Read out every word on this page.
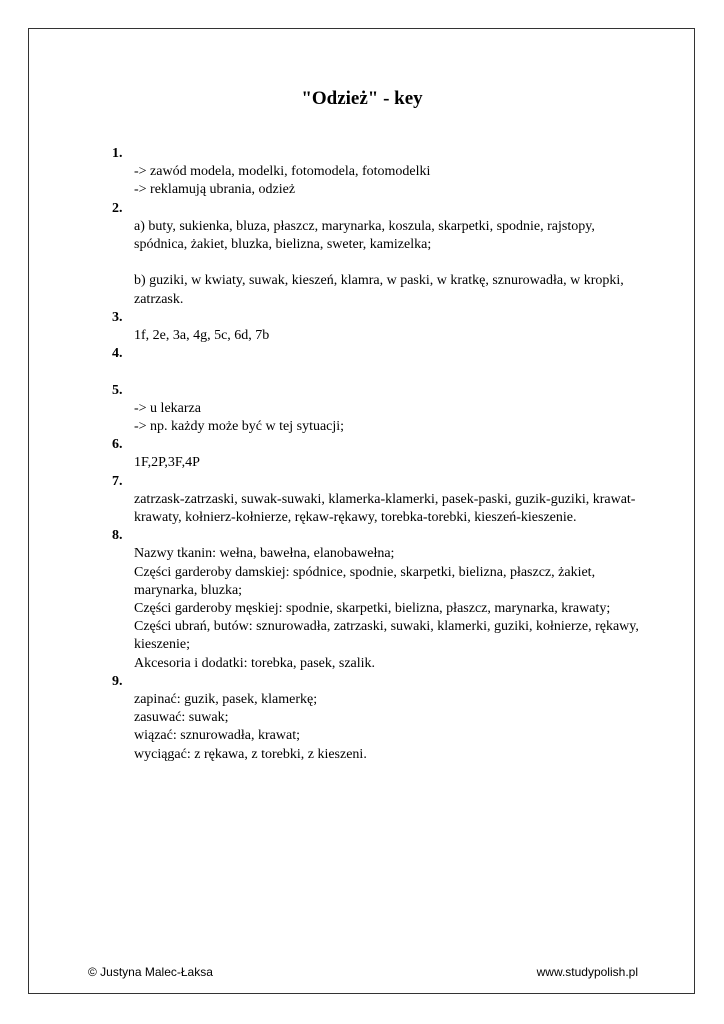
"Odzież" - key

1.

-> zawód modela, modelki, fotomodela, fotomodelki

-> reklamują ubrania, odzież

2.

a) buty, sukienka, bluza, płaszcz, marynarka, koszula, skarpetki, spodnie, rajstopy, spódnica, żakiet, bluzka, bielizna, sweter, kamizelka;

b) guziki, w kwiaty, suwak, kieszeń, klamra, w paski, w kratkę, sznurowadła, w kropki, zatrzask.

3.

1f, 2e, 3a, 4g, 5c, 6d, 7b

4.

5.

-> u lekarza

-> np. każdy może być w tej sytuacji;

6.

1F,2P,3F,4P

7.

zatrzask-zatrzaski, suwak-suwaki, klamerka-klamerki, pasek-paski, guzik-guziki, krawat-krawaty, kołnierz-kołnierze, rękaw-rękawy, torebka-torebki, kieszeń-kieszenie.

8.

Nazwy tkanin: wełna, bawełna, elanobawełna;

Części garderoby damskiej: spódnice, spodnie, skarpetki, bielizna, płaszcz, żakiet, marynarka, bluzka;

Części garderoby męskiej: spodnie, skarpetki, bielizna, płaszcz, marynarka, krawaty;

Części ubrań, butów: sznurowadła, zatrzaski, suwaki, klamerki, guziki, kołnierze, rękawy, kieszenie;

Akcesoria i dodatki: torebka, pasek, szalik.

9.

zapinać: guzik, pasek, klamerkę;

zasuwać: suwak;

wiązać: sznurowadła, krawat;

wyciągać: z rękawa, z torebki, z kieszeni.

© Justyna Malec-Łaksa	www.studypolish.pl
